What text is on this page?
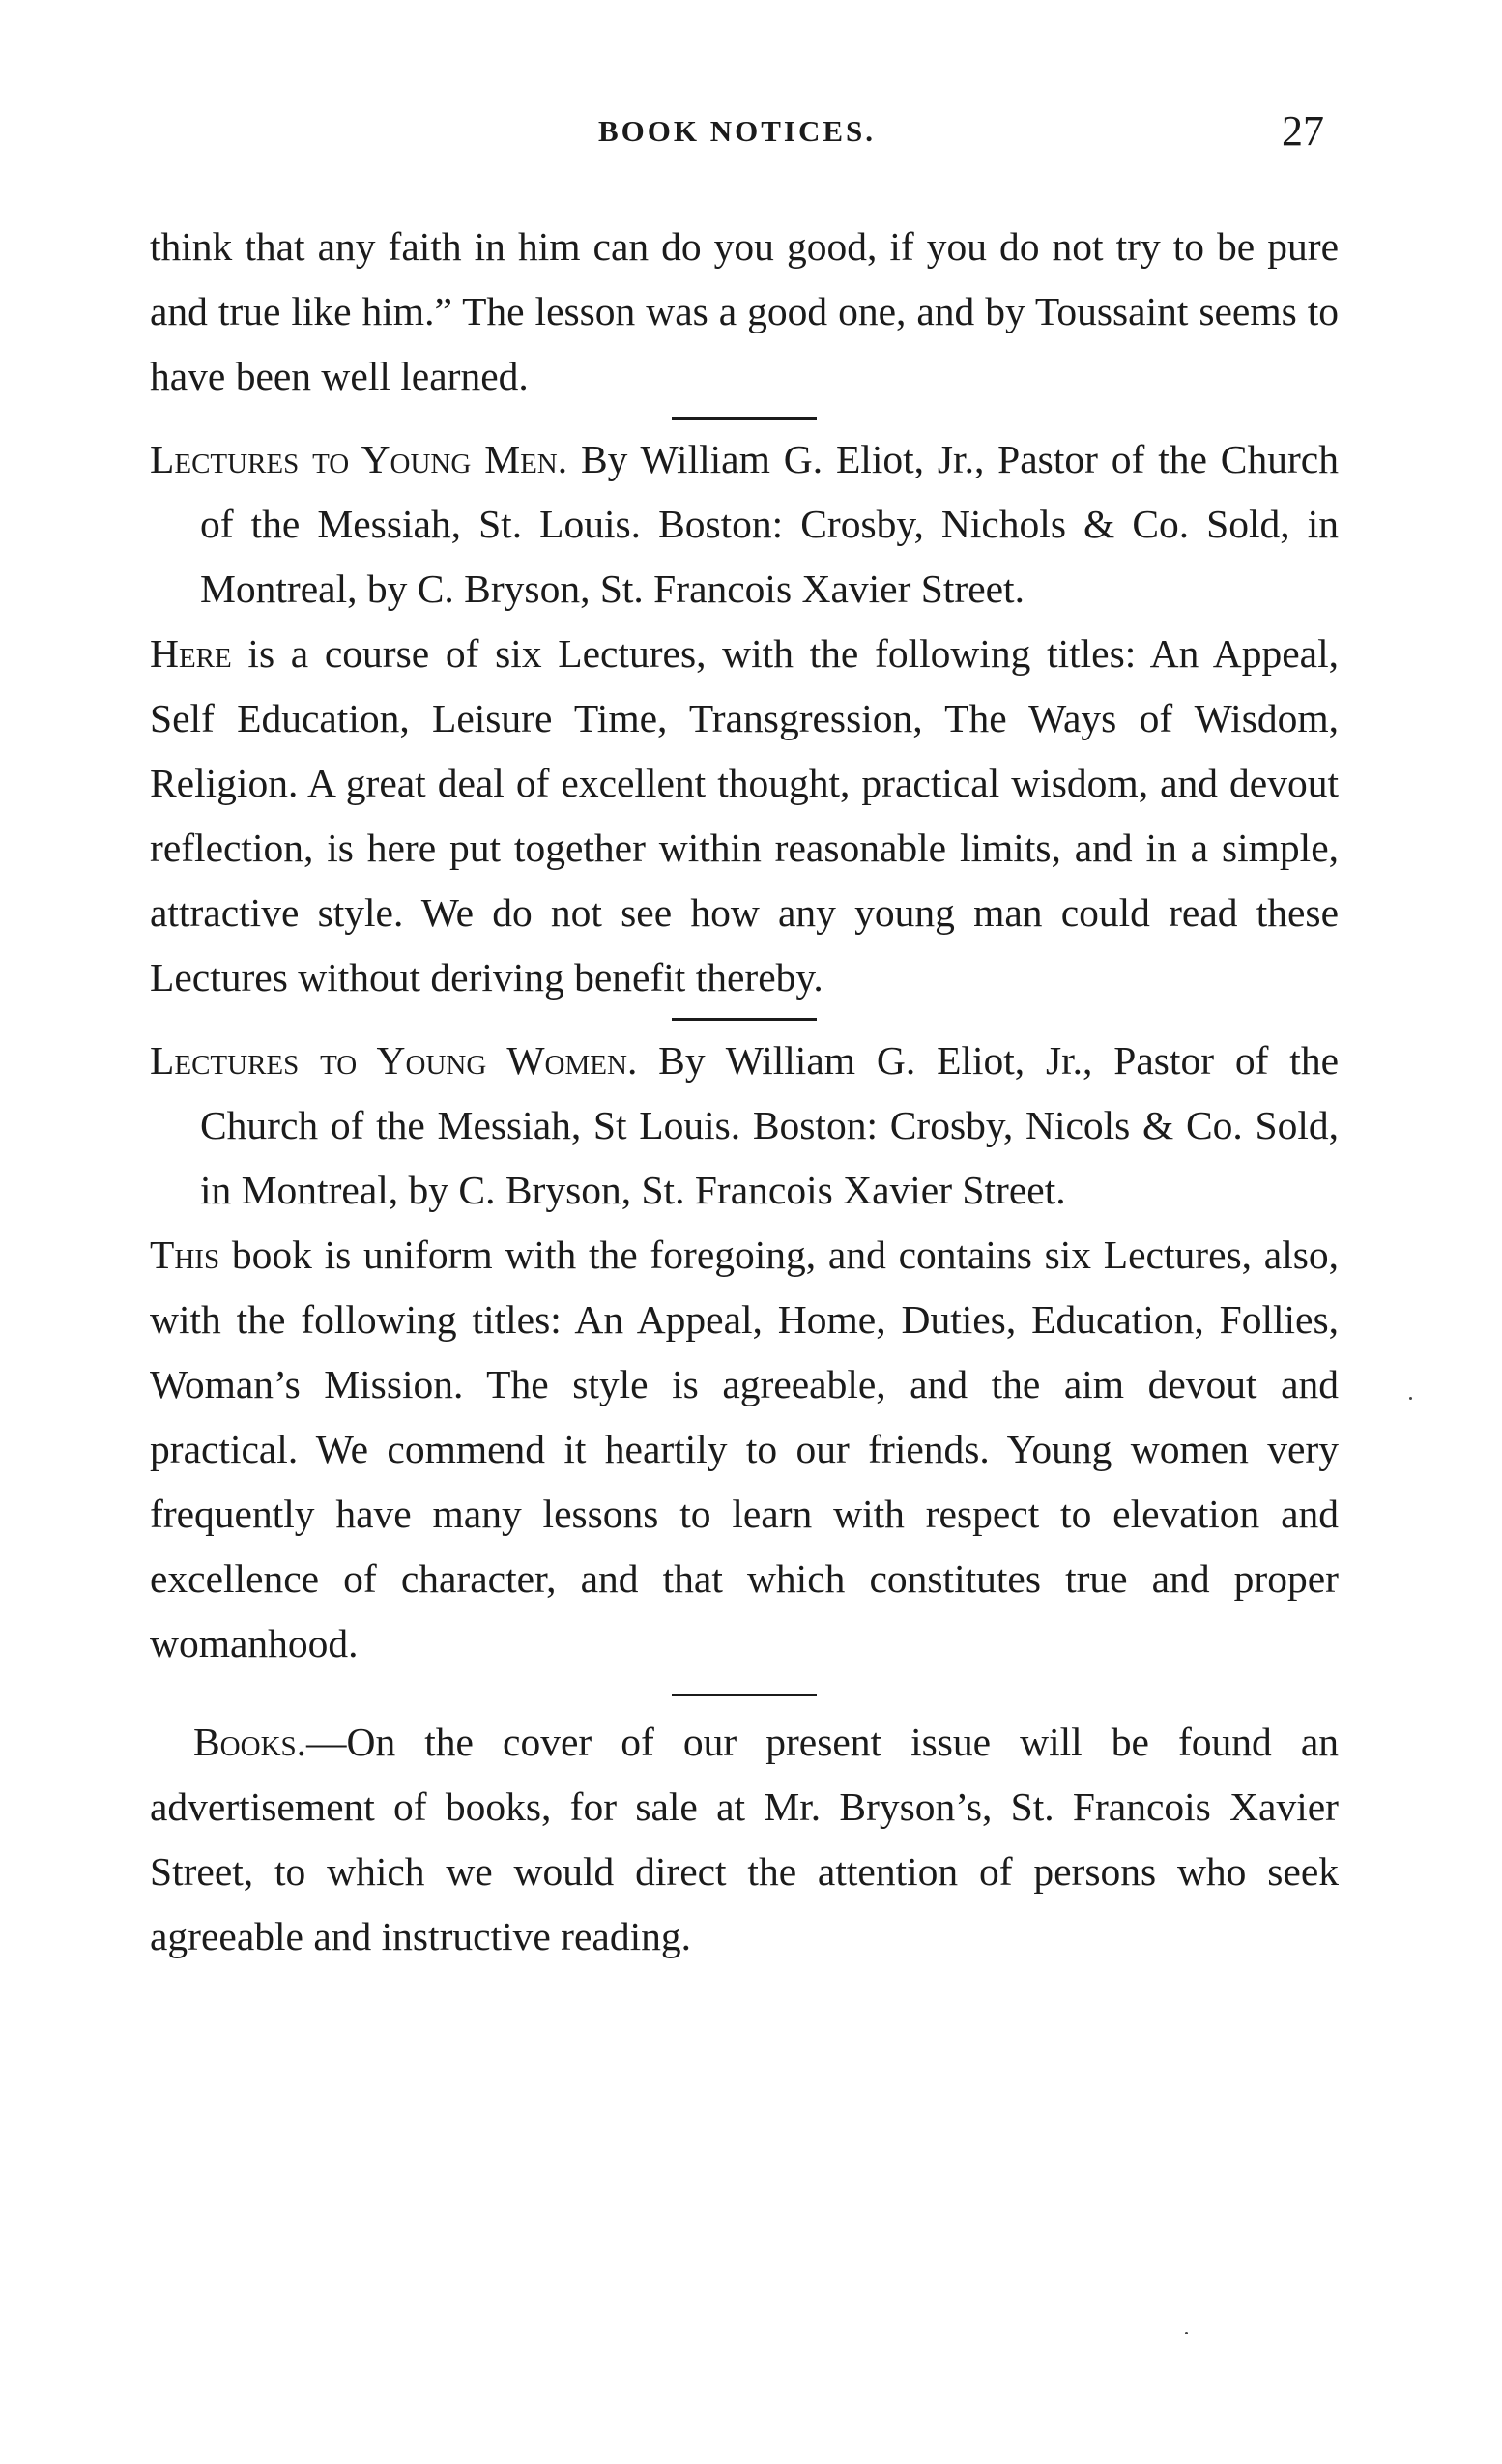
BOOK NOTICES.	27

think that any faith in him can do you good, if you do not try to be pure and true like him.” The lesson was a good one, and by Toussaint seems to have been well learned.

Lectures to Young Men. By William G. Eliot, Jr., Pastor of the Church of the Messiah, St. Louis. Boston: Crosby, Nichols & Co. Sold, in Montreal, by C. Bryson, St. Francois Xavier Street.

Here is a course of six Lectures, with the following titles: An Appeal, Self Education, Leisure Time, Transgression, The Ways of Wisdom, Religion. A great deal of excellent thought, practical wisdom, and devout reflection, is here put together within reasonable limits, and in a simple, attractive style. We do not see how any young man could read these Lectures without deriving benefit thereby.

Lectures to Young Women. By William G. Eliot, Jr., Pastor of the Church of the Messiah, St Louis. Boston: Crosby, Nicols & Co. Sold, in Montreal, by C. Bryson, St. Francois Xavier Street.

This book is uniform with the foregoing, and contains six Lectures, also, with the following titles: An Appeal, Home, Duties, Education, Follies, Woman’s Mission. The style is agreeable, and the aim devout and practical. We commend it heartily to our friends. Young women very frequently have many lessons to learn with respect to elevation and excellence of character, and that which constitutes true and proper womanhood.

Books.—On the cover of our present issue will be found an advertisement of books, for sale at Mr. Bryson’s, St. Francois Xavier Street, to which we would direct the attention of persons who seek agreeable and instructive reading.
